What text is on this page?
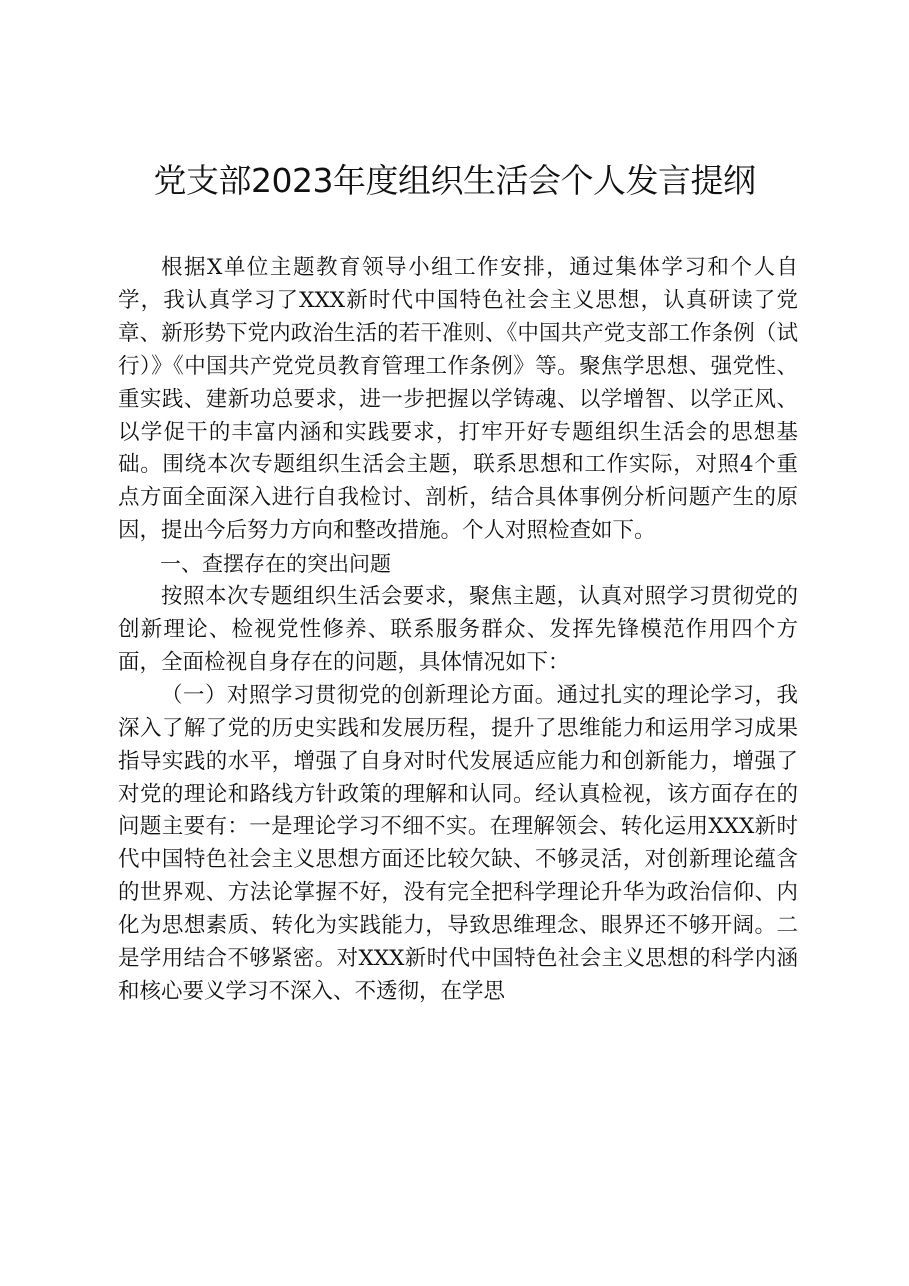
党支部2023年度组织生活会个人发言提纲

根据X单位主题教育领导小组工作安排，通过集体学习和个人自学，我认真学习了XXX新时代中国特色社会主义思想，认真研读了党章、新形势下党内政治生活的若干准则、《中国共产党支部工作条例（试行）》《中国共产党党员教育管理工作条例》等。聚焦学思想、强党性、重实践、建新功总要求，进一步把握以学铸魂、以学增智、以学正风、以学促干的丰富内涵和实践要求，打牢开好专题组织生活会的思想基础。围绕本次专题组织生活会主题，联系思想和工作实际，对照4个重点方面全面深入进行自我检讨、剖析，结合具体事例分析问题产生的原因，提出今后努力方向和整改措施。个人对照检查如下。

一、查摆存在的突出问题

按照本次专题组织生活会要求，聚焦主题，认真对照学习贯彻党的创新理论、检视党性修养、联系服务群众、发挥先锋模范作用四个方面，全面检视自身存在的问题，具体情况如下：

（一）对照学习贯彻党的创新理论方面。通过扎实的理论学习，我深入了解了党的历史实践和发展历程，提升了思维能力和运用学习成果指导实践的水平，增强了自身对时代发展适应能力和创新能力，增强了对党的理论和路线方针政策的理解和认同。经认真检视，该方面存在的问题主要有：一是理论学习不细不实。在理解领会、转化运用XXX新时代中国特色社会主义思想方面还比较欠缺、不够灵活，对创新理论蕴含的世界观、方法论掌握不好，没有完全把科学理论升华为政治信仰、内化为思想素质、转化为实践能力，导致思维理念、眼界还不够开阔。二是学用结合不够紧密。对XXX新时代中国特色社会主义思想的科学内涵和核心要义学习不深入、不透彻，在学思
